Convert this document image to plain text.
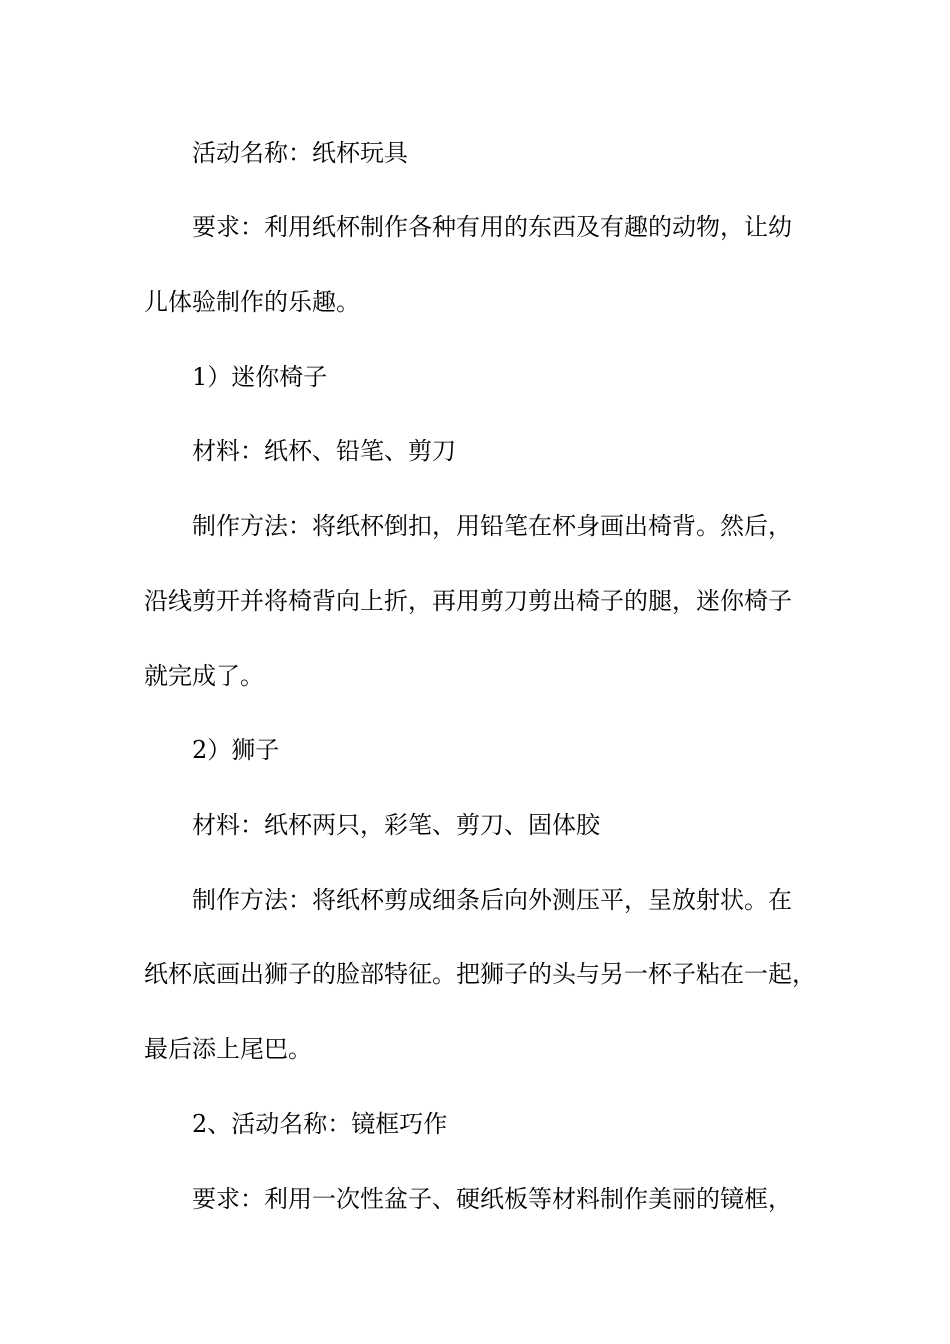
活动名称：纸杯玩具
要求：利用纸杯制作各种有用的东西及有趣的动物，让幼
儿体验制作的乐趣。
1）迷你椅子
材料：纸杯、铅笔、剪刀
制作方法：将纸杯倒扣，用铅笔在杯身画出椅背。然后，
沿线剪开并将椅背向上折，再用剪刀剪出椅子的腿，迷你椅子
就完成了。
2）狮子
材料：纸杯两只，彩笔、剪刀、固体胶
制作方法：将纸杯剪成细条后向外测压平，呈放射状。在
纸杯底画出狮子的脸部特征。把狮子的头与另一杯子粘在一起，
最后添上尾巴。
2、活动名称：镜框巧作
要求：利用一次性盆子、硬纸板等材料制作美丽的镜框，
